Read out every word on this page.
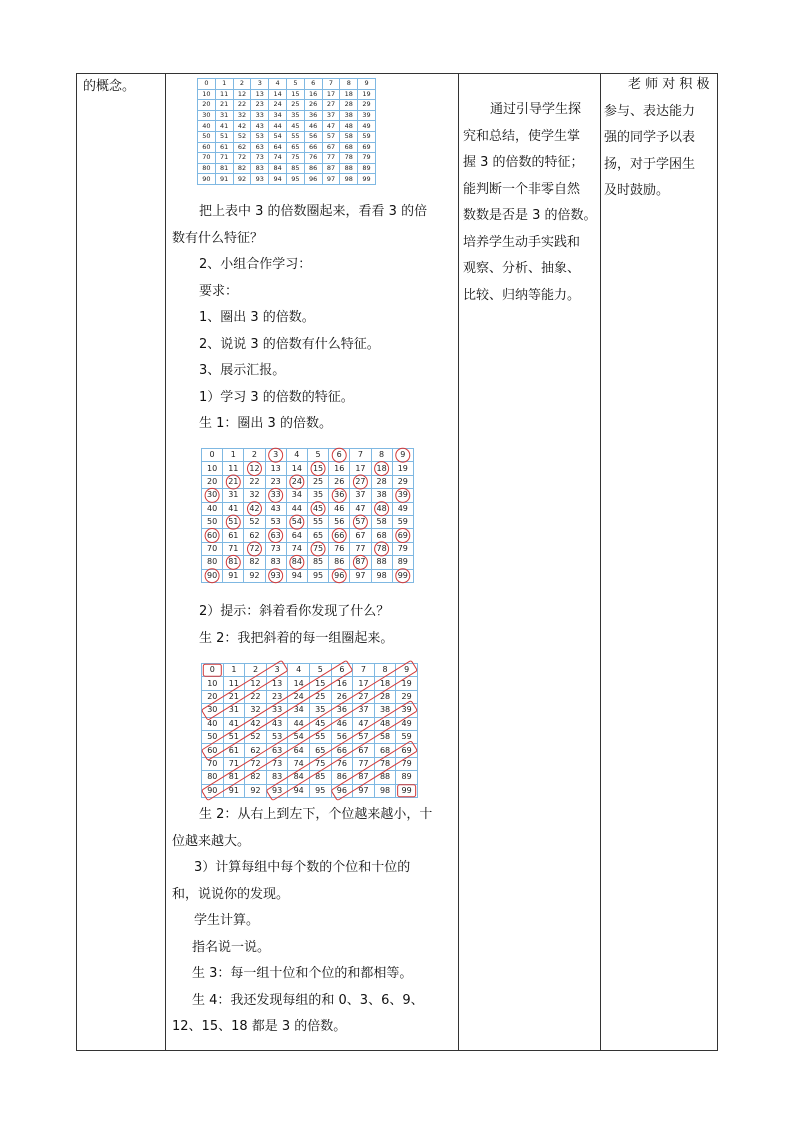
的概念。	0	1	2	3	4	5	6	7	8	9
10	11	12	13	14	15	16	17	18	19
20	21	22	23	24	25	26	27	28	29
30	31	32	33	34	35	36	37	38	39
40	41	42	43	44	45	46	47	48	49
50	51	52	53	54	55	56	57	58	59
60	61	62	63	64	65	66	67	68	69
70	71	72	73	74	75	76	77	78	79
80	81	82	83	84	85	86	87	88	89
90	91	92	93	94	95	96	97	98	99

把上表中 3 的倍数圈起来，看看 3 的倍

数有什么特征？

2、小组合作学习：

要求：

1、圈出 3 的倍数。

2、说说 3 的倍数有什么特征。

3、展示汇报。

1）学习 3 的倍数的特征。

生 1：圈出 3 的倍数。

0	1	2	3	4	5	6	7	8	9
10	11	12	13	14	15	16	17	18	19
20	21	22	23	24	25	26	27	28	29
30	31	32	33	34	35	36	37	38	39
40	41	42	43	44	45	46	47	48	49
50	51	52	53	54	55	56	57	58	59
60	61	62	63	64	65	66	67	68	69
70	71	72	73	74	75	76	77	78	79
80	81	82	83	84	85	86	87	88	89
90	91	92	93	94	95	96	97	98	99

2）提示：斜着看你发现了什么？

生 2：我把斜着的每一组圈起来。

0	1	2	3	4	5	6	7	8	9
10	11	12	13	14	15	16	17	18	19
20	21	22	23	24	25	26	27	28	29
30	31	32	33	34	35	36	37	38	39
40	41	42	43	44	45	46	47	48	49
50	51	52	53	54	55	56	57	58	59
60	61	62	63	64	65	66	67	68	69
70	71	72	73	74	75	76	77	78	79
80	81	82	83	84	85	86	87	88	89
90	91	92	93	94	95	96	97	98	99

生 2：从右上到左下，个位越来越小，十

位越来越大。

3）计算每组中每个数的个位和十位的

和，说说你的发现。

学生计算。

指名说一说。

生 3：每一组十位和个位的和都相等。

生 4：我还发现每组的和 0、3、6、9、

12、15、18 都是 3 的倍数。

通过引导学生探

究和总结，使学生掌

握 3 的倍数的特征；

能判断一个非零自然

数数是否是 3 的倍数。

培养学生动手实践和

观察、分析、抽象、

比较、归纳等能力。

老 师 对 积 极

参与、表达能力

强的同学予以表

扬，对于学困生

及时鼓励。
